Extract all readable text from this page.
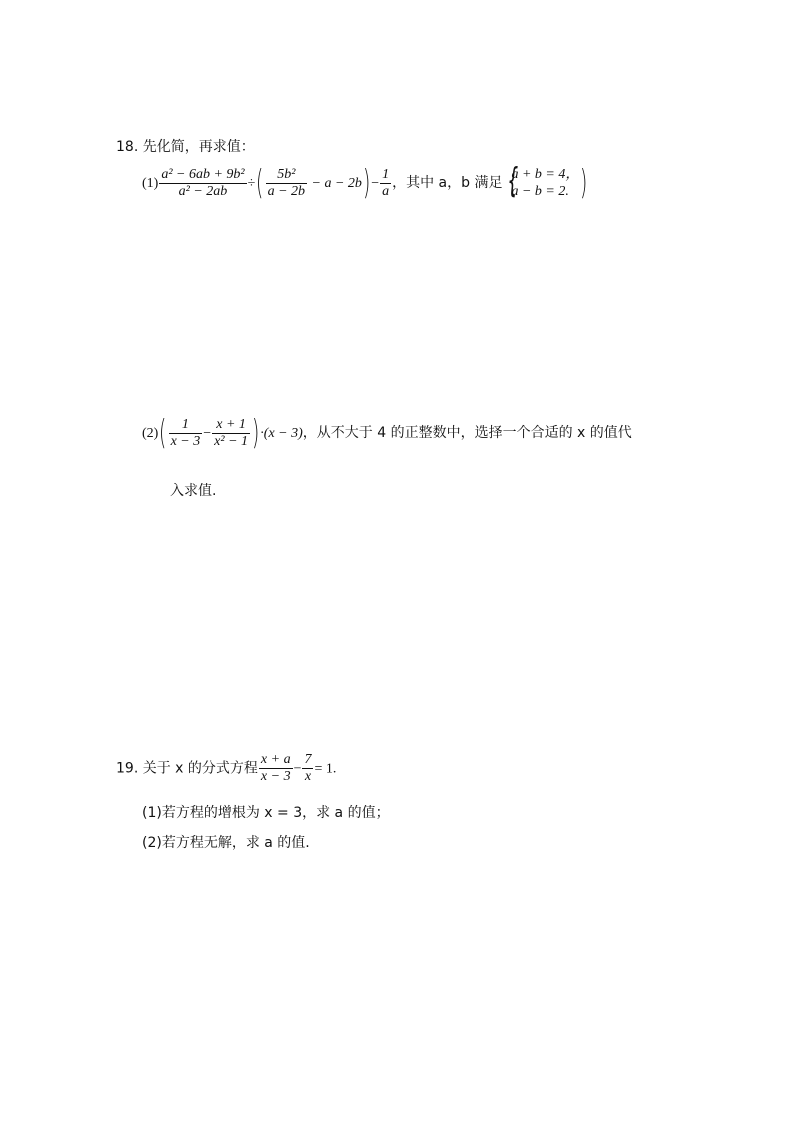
18. 先化简，再求值：
$(1) \frac{\text{a² − 6ab + 9b²}}{\text{a² − 2ab}}$ ÷( $\frac{\text{5b²}}{a - 2b} - a - 2b)- \frac{1}{a}$ ，其中 a，b 满足 {
a + b = 4，
a − b = 2. )
$(2)( \frac{1}{x - 3} - \frac{x + 1}{\text{x² − 1}} )\cdot(x - 3)$，从不大于 4 的正整数中，选择一个合适的 x 的值代
入求值.
19. 关于 x 的分式方程 $\frac{x + a}{x - 3} - \frac{7}{x} = 1$.
(1)若方程的增根为 x = 3，求 a 的值；
(2)若方程无解，求 a 的值.
